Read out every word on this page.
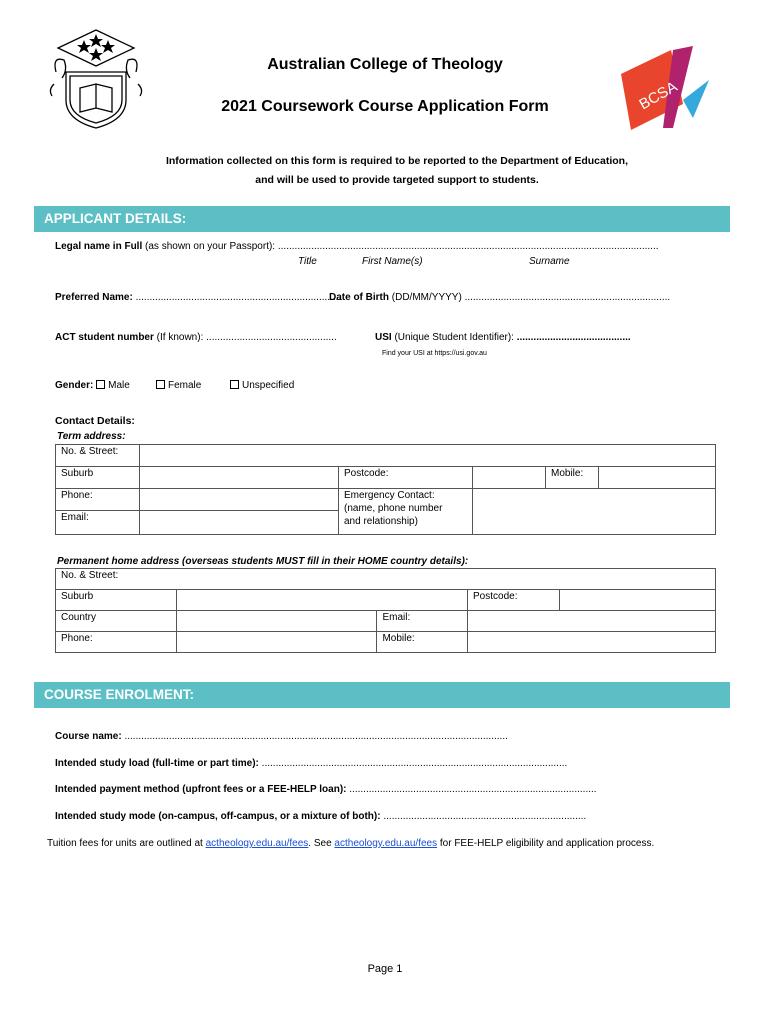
BCSA
Australian College of Theology
2021 Coursework Course Application Form
Information collected on this form is required to be reported to the Department of Education,
and will be used to provide targeted support to students.
APPLICANT DETAILS:
Legal name in Full (as shown on your Passport): .........................................................................................................................................
Title	First Name(s)	Surname
Preferred Name: ..........................................................................
Date of Birth (DD/MM/YYYY) ..........................................................................
ACT student number (If known): ...............................................	USI (Unique Student Identifier): .........................................
Find your USI at https://usi.gov.au
Gender: Male	Female	Unspecified
Contact Details:
Term address:
No. & Street:					
Suburb		Postcode:		Mobile:	
Phone:		Emergency Contact:
(name, phone number
and relationship)			

Email:					
Permanent home address (overseas students MUST fill in their HOME country details):
No. & Street:				
Suburb			Postcode:	
Country		Email:		
Phone:		Mobile:		
COURSE ENROLMENT:
Course name: ..........................................................................................................................................
Intended study load (full-time or part time): ..............................................................................................................
Intended payment method (upfront fees or a FEE-HELP loan): .........................................................................................
Intended study mode (on-campus, off-campus, or a mixture of both): .........................................................................
Tuition fees for units are outlined at actheology.edu.au/fees. See actheology.edu.au/fees for FEE-HELP eligibility and application process.
Page 1
